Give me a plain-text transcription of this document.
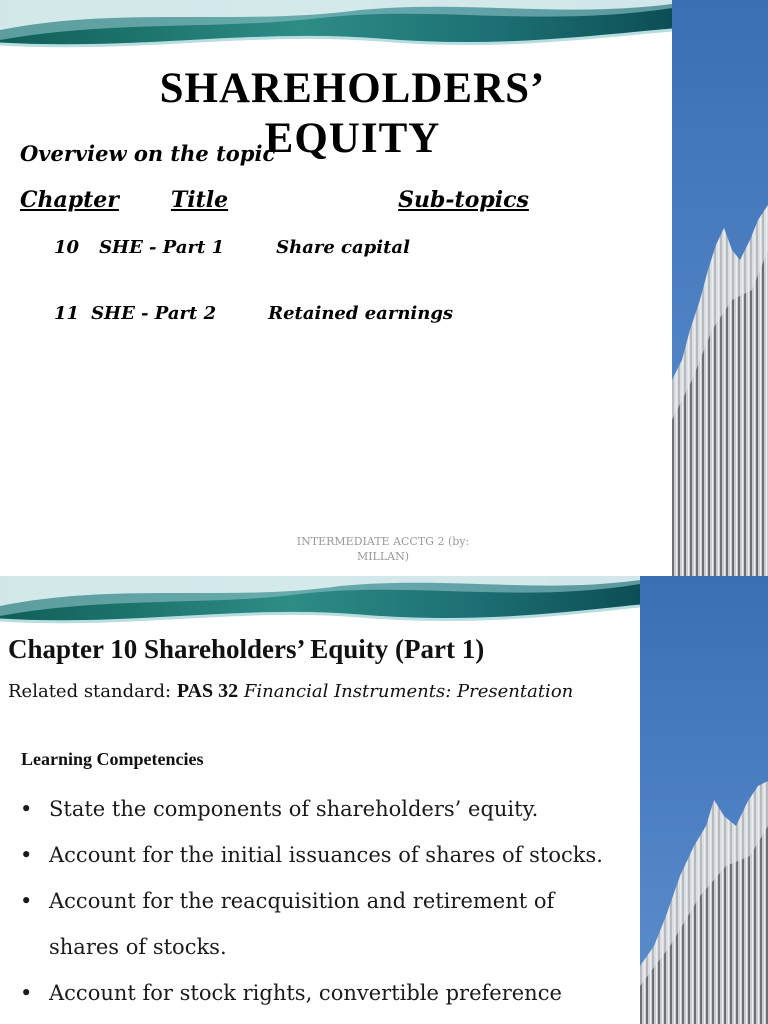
SHAREHOLDERS’
EQUITY
Overview on the topic
Chapter Title	Sub-topics
10 SHE - Part 1	Share capital
11 SHE - Part 2	Retained earnings
INTERMEDIATE ACCTG 2 (by:
MILLAN)
Chapter 10 Shareholders’ Equity (Part 1)
Related standard: PAS 32 Financial Instruments: Presentation
Learning Competencies
• State the components of shareholders’ equity.
• Account for the initial issuances of shares of stocks.
• Account for the reacquisition and retirement of shares of stocks.
• Account for stock rights, convertible preference
